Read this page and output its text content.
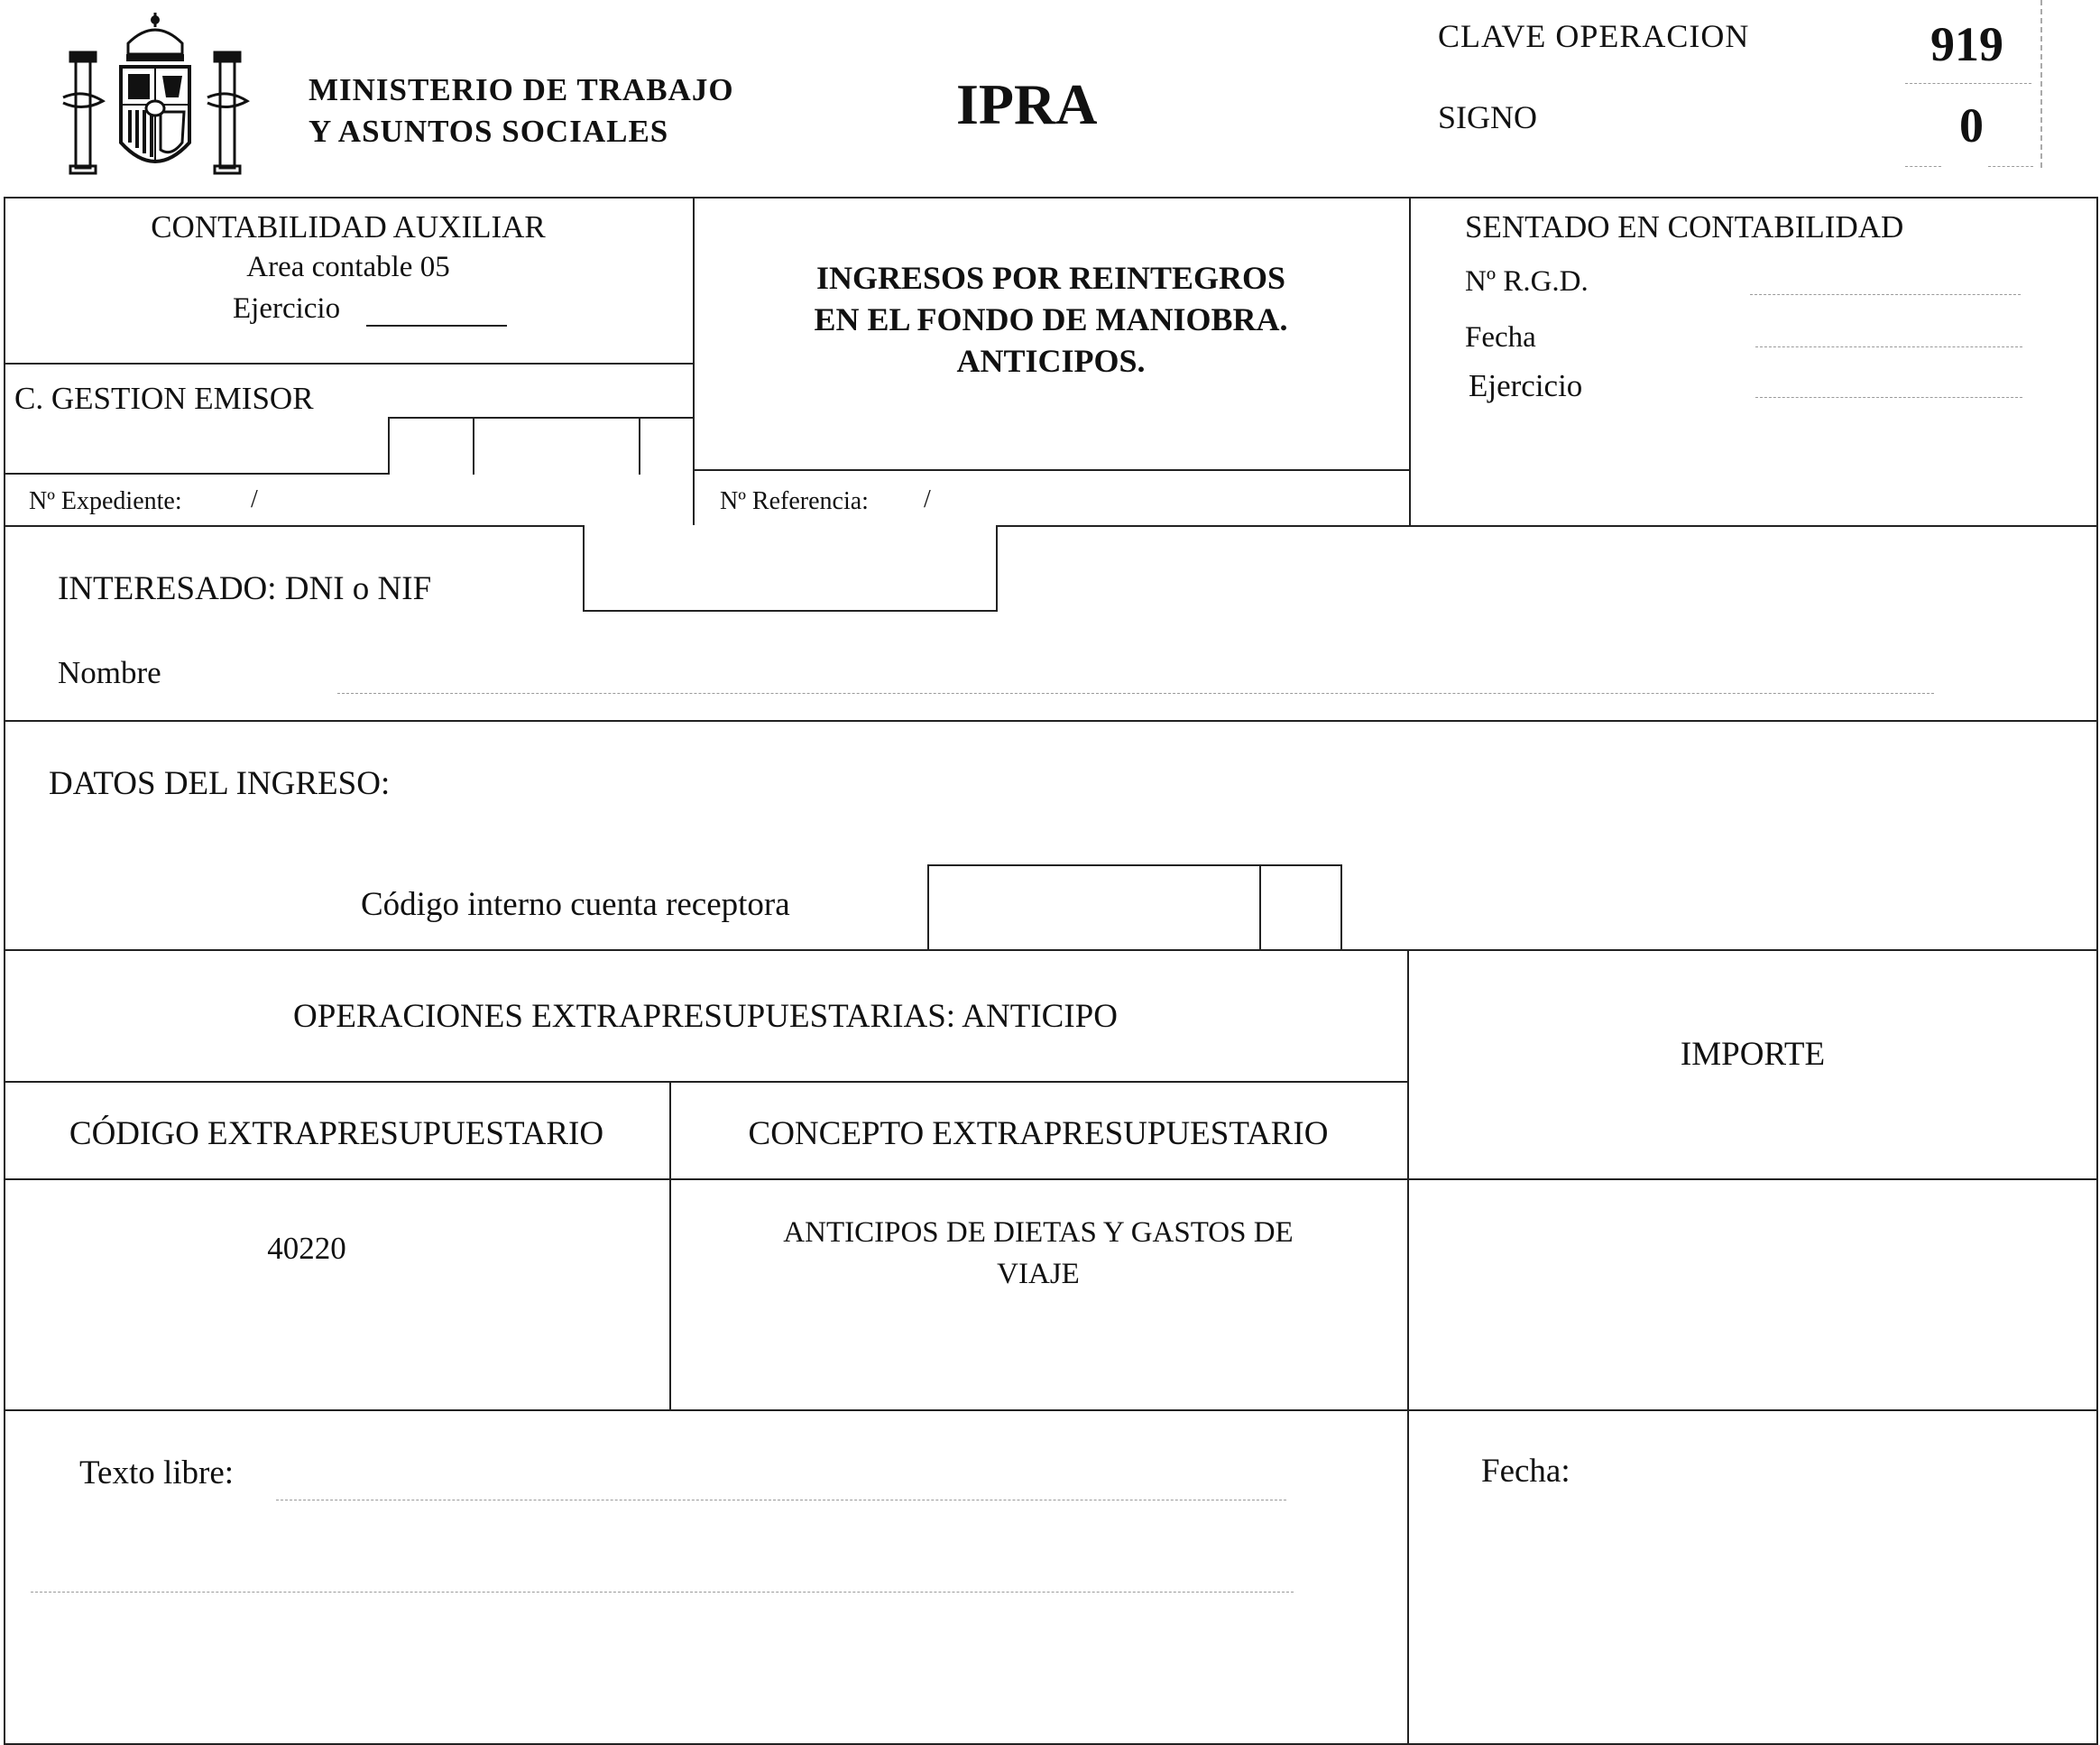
MINISTERIO DE TRABAJO
Y ASUNTOS SOCIALES	IPRA
CLAVE OPERACION	919
SIGNO	0
CONTABILIDAD AUXILIAR
Area contable 05
Ejercicio
C. GESTION EMISOR
INGRESOS POR REINTEGROS
EN EL FONDO DE MANIOBRA.
ANTICIPOS.
SENTADO EN CONTABILIDAD
Nº R.G.D.
Fecha
Ejercicio
Nº Expediente:	/	Nº Referencia: /
INTERESADO: DNI o NIF
Nombre
DATOS DEL INGRESO:
Código interno cuenta receptora
OPERACIONES EXTRAPRESUPUESTARIAS: ANTICIPO
IMPORTE
CÓDIGO EXTRAPRESUPUESTARIO	CONCEPTO EXTRAPRESUPUESTARIO
40220	ANTICIPOS DE DIETAS Y GASTOS DE
VIAJE
Texto libre:	Fecha:
